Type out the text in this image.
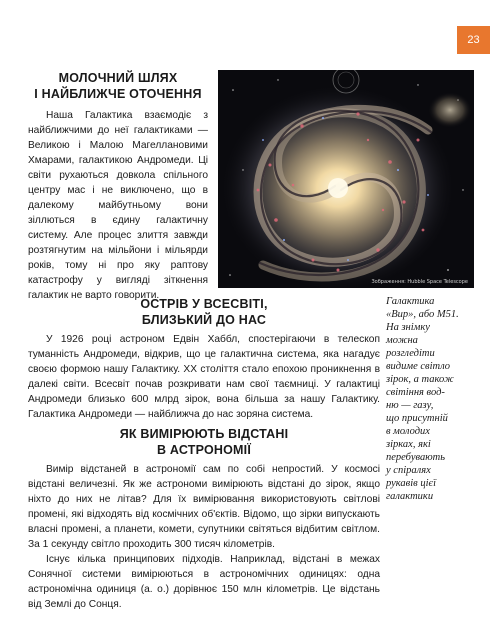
23
МОЛОЧНИЙ ШЛЯХ
І НАЙБЛИЖЧЕ ОТОЧЕННЯ

Наша Галактика взаємодіє з найближчими до неї галактиками — Великою і Малою Магеллановими Хмарами, галактикою Андромеди. Ці світи рухаються довкола спільного центру мас і не виключено, що в далекому майбутньому вони зіллються в єдину галактичну систему. Але процес злиття завжди розтягнутим на мільйони і мільярди років, тому ні про яку раптову катастрофу у вигляді зіткнення галактик не варто говорити.

Зображення: Hubble Space Telescope
Галактика
«Вир», або M51.
На знімку
можна
розгледіти
видиме світло
зірок, а також
світіння вод-
ню — газу,
що присутній
в молодих
зірках, які
перебувають
у спіралях
рукавів цієї
галактики
ОСТРІВ У ВСЕСВІТІ,
БЛИЗЬКИЙ ДО НАС

У 1926 році астроном Едвін Хаббл, спостерігаючи в телескоп туманність Андромеди, відкрив, що це галактична система, яка нагадує своєю формою нашу Галактику. XX століття стало епохою проникнення в далекі світи. Всесвіт почав розкривати нам свої таємниці. У галактиці Андромеди близько 600 млрд зірок, вона більша за нашу Галактику. Галактика Андромеди — найближча до нас зоряна система.

ЯК ВИМІРЮЮТЬ ВІДСТАНІ
В АСТРОНОМІЇ

Вимір відстаней в астрономії сам по собі непростий. У космосі відстані величезні. Як же астрономи вимірюють відстані до зірок, якщо ніхто до них не літав? Для їх вимірювання використовують світлові промені, які відходять від космічних об'єктів. Відомо, що зірки випускають власні промені, а планети, комети, супутники світяться відбитим світлом. За 1 секунду світло проходить 300 тисяч кілометрів.

Існує кілька принципових підходів. Наприклад, відстані в межах Сонячної системи вимірюються в астрономічних одиницях: одна астрономічна одиниця (а. о.) дорівнює 150 млн кілометрів. Це відстань від Землі до Сонця.
